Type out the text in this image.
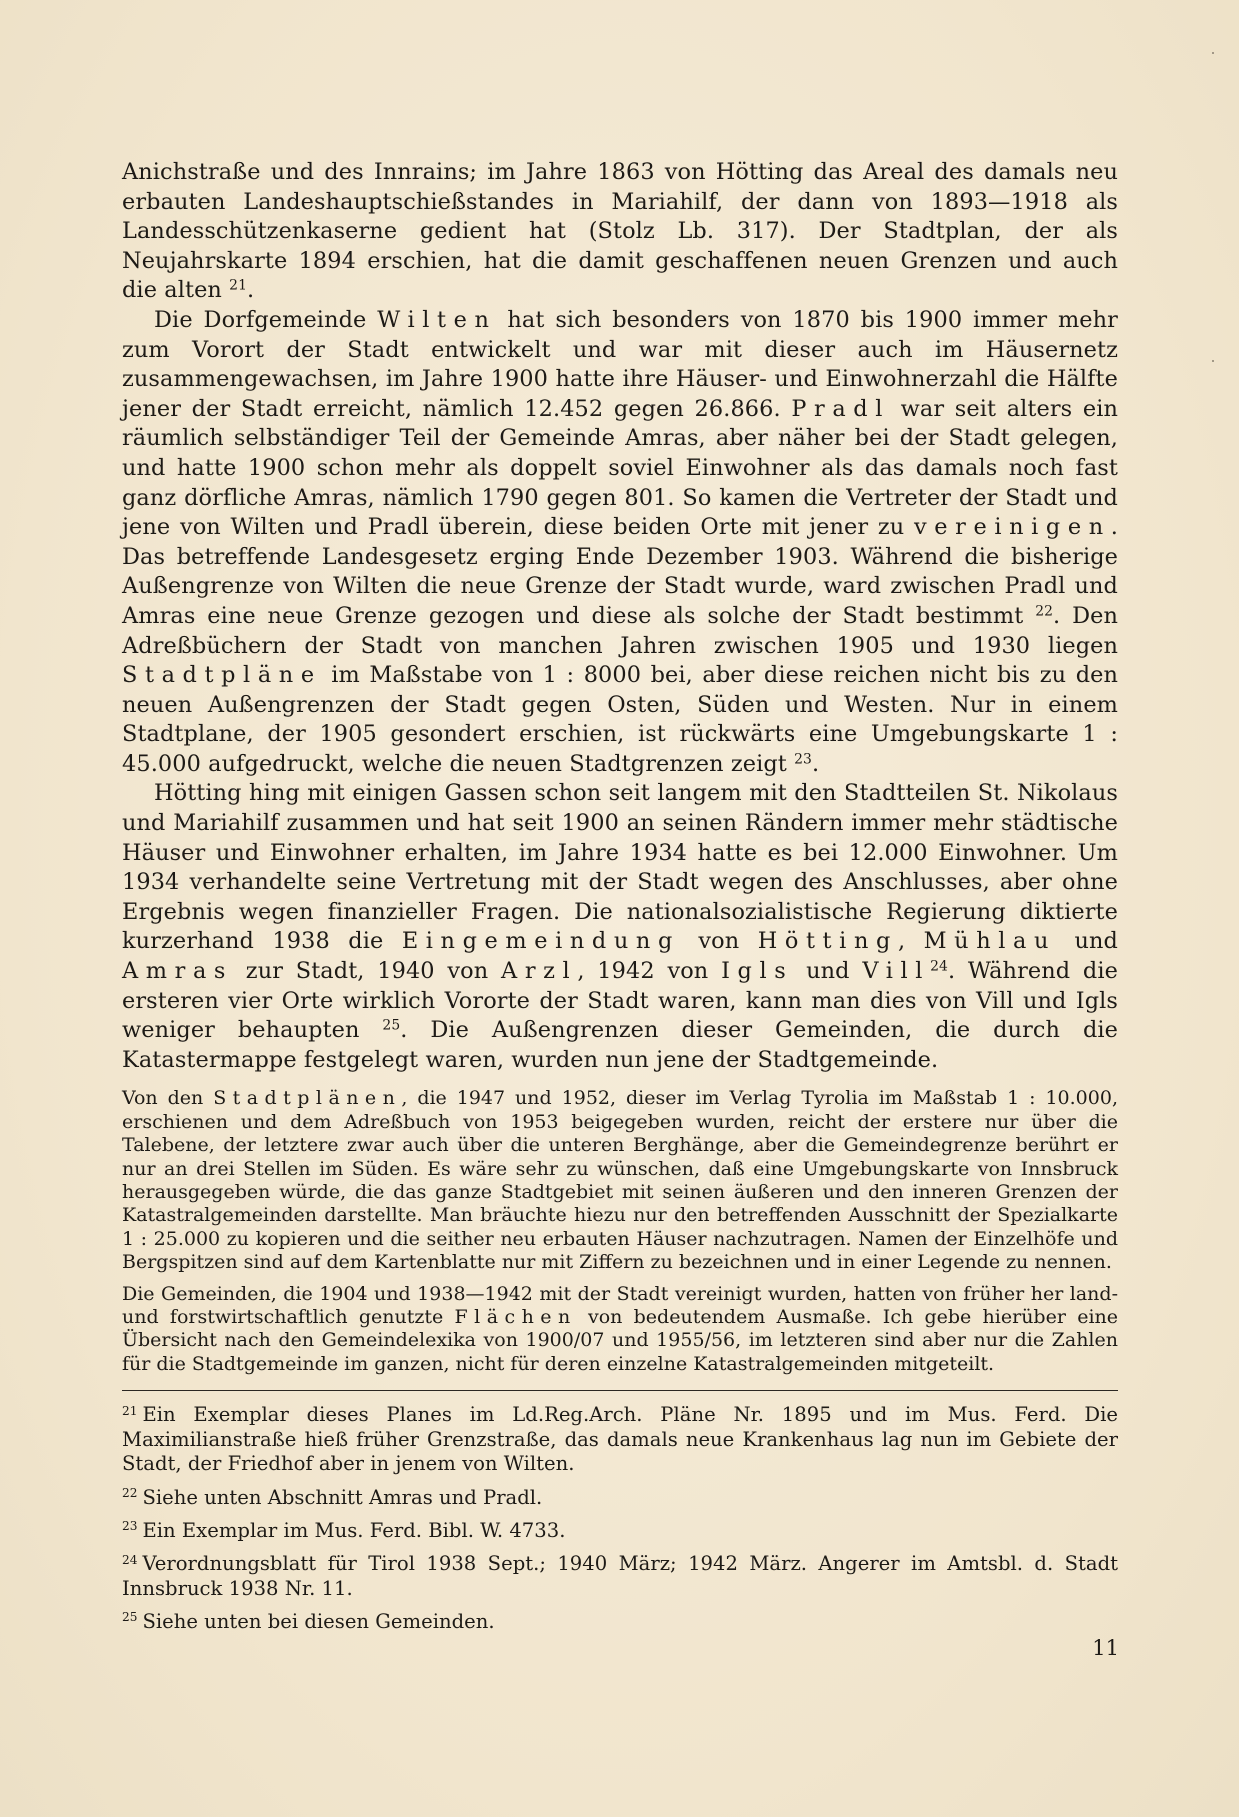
Anichstraße und des Innrains; im Jahre 1863 von Hötting das Areal des damals neu erbauten Landeshauptschießstandes in Mariahilf, der dann von 1893—1918 als Landesschützenkaserne gedient hat (Stolz Lb. 317). Der Stadtplan, der als Neujahrskarte 1894 erschien, hat die damit geschaffenen neuen Grenzen und auch die alten $^{21}$.

Die Dorfgemeinde Wilten hat sich besonders von 1870 bis 1900 immer mehr zum Vorort der Stadt entwickelt und war mit dieser auch im Häusernetz zusammengewachsen, im Jahre 1900 hatte ihre Häuser- und Einwohnerzahl die Hälfte jener der Stadt erreicht, nämlich 12.452 gegen 26.866. Pradl war seit alters ein räumlich selbständiger Teil der Gemeinde Amras, aber näher bei der Stadt gelegen, und hatte 1900 schon mehr als doppelt soviel Einwohner als das damals noch fast ganz dörfliche Amras, nämlich 1790 gegen 801. So kamen die Vertreter der Stadt und jene von Wilten und Pradl überein, diese beiden Orte mit jener zu vereinigen. Das betreffende Landesgesetz erging Ende Dezember 1903. Während die bisherige Außengrenze von Wilten die neue Grenze der Stadt wurde, ward zwischen Pradl und Amras eine neue Grenze gezogen und diese als solche der Stadt bestimmt $^{22}$. Den Adreßbüchern der Stadt von manchen Jahren zwischen 1905 und 1930 liegen Stadtpläne im Maßstabe von 1 : 8000 bei, aber diese reichen nicht bis zu den neuen Außengrenzen der Stadt gegen Osten, Süden und Westen. Nur in einem Stadtplane, der 1905 gesondert erschien, ist rückwärts eine Umgebungskarte 1 : 45.000 aufgedruckt, welche die neuen Stadtgrenzen zeigt $^{23}$.

Hötting hing mit einigen Gassen schon seit langem mit den Stadtteilen St. Nikolaus und Mariahilf zusammen und hat seit 1900 an seinen Rändern immer mehr städtische Häuser und Einwohner erhalten, im Jahre 1934 hatte es bei 12.000 Einwohner. Um 1934 verhandelte seine Vertretung mit der Stadt wegen des Anschlusses, aber ohne Ergebnis wegen finanzieller Fragen. Die nationalsozialistische Regierung diktierte kurzerhand 1938 die Eingemeindung von Hötting, Mühlau und Amras zur Stadt, 1940 von Arzl, 1942 von Igls und Vill$^{24}$. Während die ersteren vier Orte wirklich Vororte der Stadt waren, kann man dies von Vill und Igls weniger behaupten $^{25}$. Die Außengrenzen dieser Gemeinden, die durch die Katastermappe festgelegt waren, wurden nun jene der Stadtgemeinde.

Von den Stadtplänen, die 1947 und 1952, dieser im Verlag Tyrolia im Maßstab 1 : 10.000, erschienen und dem Adreßbuch von 1953 beigegeben wurden, reicht der erstere nur über die Talebene, der letztere zwar auch über die unteren Berghänge, aber die Gemeindegrenze berührt er nur an drei Stellen im Süden. Es wäre sehr zu wünschen, daß eine Umgebungskarte von Innsbruck herausgegeben würde, die das ganze Stadtgebiet mit seinen äußeren und den inneren Grenzen der Katastralgemeinden darstellte. Man bräuchte hiezu nur den betreffenden Ausschnitt der Spezialkarte 1 : 25.000 zu kopieren und die seither neu erbauten Häuser nachzutragen. Namen der Einzelhöfe und Bergspitzen sind auf dem Kartenblatte nur mit Ziffern zu bezeichnen und in einer Legende zu nennen.

Die Gemeinden, die 1904 und 1938—1942 mit der Stadt vereinigt wurden, hatten von früher her land- und forstwirtschaftlich genutzte Flächen von bedeutendem Ausmaße. Ich gebe hierüber eine Übersicht nach den Gemeindelexika von 1900/07 und 1955/56, im letzteren sind aber nur die Zahlen für die Stadtgemeinde im ganzen, nicht für deren einzelne Katastralgemeinden mitgeteilt.

$^{21}$ Ein Exemplar dieses Planes im Ld.Reg.Arch. Pläne Nr. 1895 und im Mus. Ferd. Die Maximilianstraße hieß früher Grenzstraße, das damals neue Krankenhaus lag nun im Gebiete der Stadt, der Friedhof aber in jenem von Wilten.

$^{22}$ Siehe unten Abschnitt Amras und Pradl.

$^{23}$ Ein Exemplar im Mus. Ferd. Bibl. W. 4733.

$^{24}$ Verordnungsblatt für Tirol 1938 Sept.; 1940 März; 1942 März. Angerer im Amtsbl. d. Stadt Innsbruck 1938 Nr. 11.

$^{25}$ Siehe unten bei diesen Gemeinden.

11
